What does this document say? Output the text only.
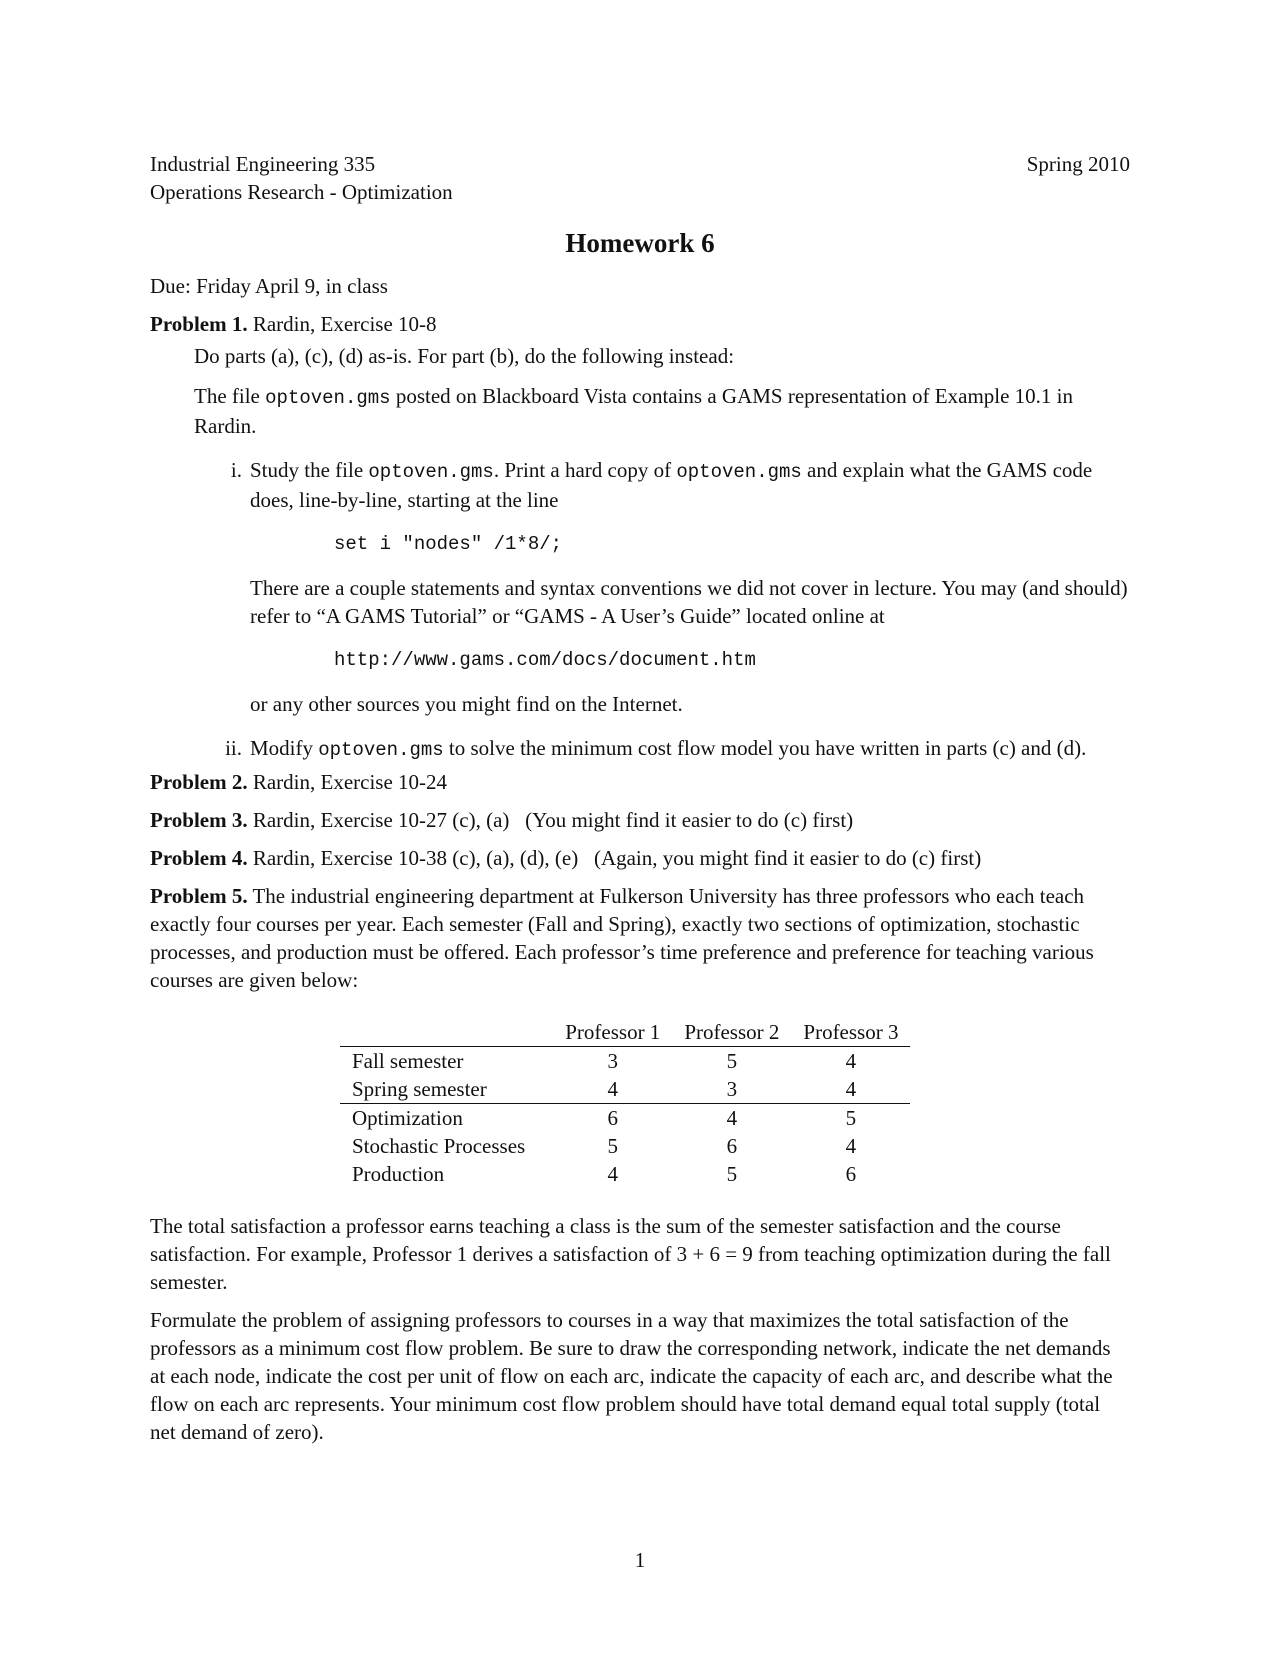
Industrial Engineering 335
Operations Research - Optimization
Spring 2010
Homework 6

Due: Friday April 9, in class

Problem 1. Rardin, Exercise 10-8

Do parts (a), (c), (d) as-is. For part (b), do the following instead:

The file optoven.gms posted on Blackboard Vista contains a GAMS representation of Example 10.1 in Rardin.

i. Study the file optoven.gms. Print a hard copy of optoven.gms and explain what the GAMS code does, line-by-line, starting at the line

set i "nodes" /1*8/;

There are a couple statements and syntax conventions we did not cover in lecture. You may (and should) refer to “A GAMS Tutorial” or “GAMS - A User’s Guide” located online at

http://www.gams.com/docs/document.htm

or any other sources you might find on the Internet.

ii. Modify optoven.gms to solve the minimum cost flow model you have written in parts (c) and (d).

Problem 2. Rardin, Exercise 10-24

Problem 3. Rardin, Exercise 10-27 (c), (a)   (You might find it easier to do (c) first)

Problem 4. Rardin, Exercise 10-38 (c), (a), (d), (e)   (Again, you might find it easier to do (c) first)

Problem 5. The industrial engineering department at Fulkerson University has three professors who each teach exactly four courses per year. Each semester (Fall and Spring), exactly two sections of optimization, stochastic processes, and production must be offered. Each professor’s time preference and preference for teaching various courses are given below:

	Professor 1	Professor 2	Professor 3
Fall semester	3	5	4
Spring semester	4	3	4
Optimization	6	4	5
Stochastic Processes	5	6	4
Production	4	5	6

The total satisfaction a professor earns teaching a class is the sum of the semester satisfaction and the course satisfaction. For example, Professor 1 derives a satisfaction of 3 + 6 = 9 from teaching optimization during the fall semester.

Formulate the problem of assigning professors to courses in a way that maximizes the total satisfaction of the professors as a minimum cost flow problem. Be sure to draw the corresponding network, indicate the net demands at each node, indicate the cost per unit of flow on each arc, indicate the capacity of each arc, and describe what the flow on each arc represents. Your minimum cost flow problem should have total demand equal total supply (total net demand of zero).

1
